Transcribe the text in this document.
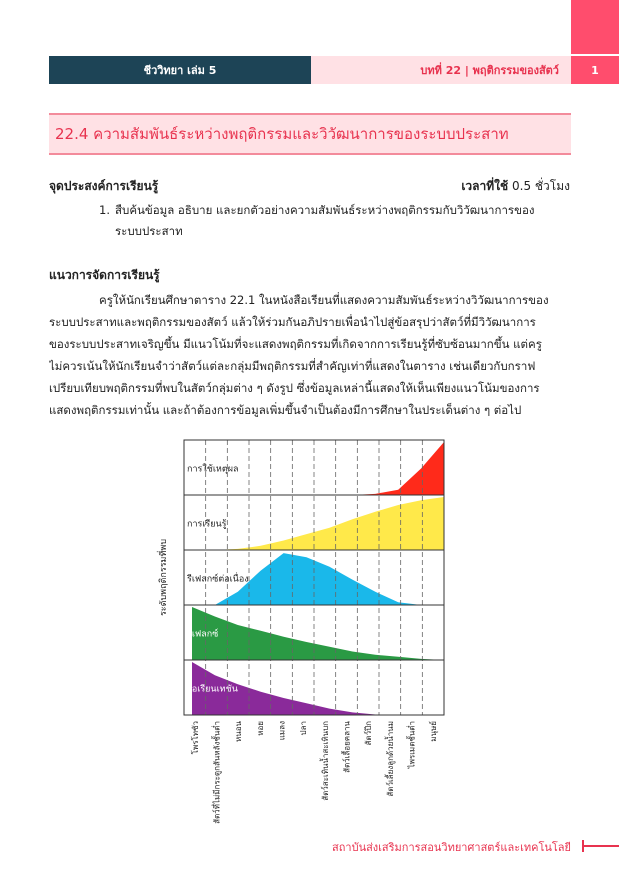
ชีววิทยา เล่ม 5	บทที่ 22 | พฤติกรรมของสัตว์	1
22.4 ความสัมพันธ์ระหว่างพฤติกรรมและวิวัฒนาการของระบบประสาท
จุดประสงค์การเรียนรู้	เวลาที่ใช้ 0.5 ชั่วโมง
1. สืบค้นข้อมูล อธิบาย และยกตัวอย่างความสัมพันธ์ระหว่างพฤติกรรมกับวิวัฒนาการของ
ระบบประสาท
แนวการจัดการเรียนรู้
ครูให้นักเรียนศึกษาตาราง 22.1 ในหนังสือเรียนที่แสดงความสัมพันธ์ระหว่างวิวัฒนาการของ
ระบบประสาทและพฤติกรรมของสัตว์ แล้วให้ร่วมกันอภิปรายเพื่อนำไปสู่ข้อสรุปว่าสัตว์ที่มีวิวัฒนาการ
ของระบบประสาทเจริญขึ้น มีแนวโน้มที่จะแสดงพฤติกรรมที่เกิดจากการเรียนรู้ที่ซับซ้อนมากขึ้น แต่ครู
ไม่ควรเน้นให้นักเรียนจำว่าสัตว์แต่ละกลุ่มมีพฤติกรรมที่สำคัญเท่าที่แสดงในตาราง เช่นเดียวกับกราฟ
เปรียบเทียบพฤติกรรมที่พบในสัตว์กลุ่มต่าง ๆ ดังรูป ซึ่งข้อมูลเหล่านี้แสดงให้เห็นเพียงแนวโน้มของการ
แสดงพฤติกรรมเท่านั้น และถ้าต้องการข้อมูลเพิ่มขึ้นจำเป็นต้องมีการศึกษาในประเด็นต่าง ๆ ต่อไป
การใช้เหตุผล
การเรียนรู้
รีเฟลกซ์ต่อเนื่อง
รีเฟลกซ์
โอเรียนเทชัน
ระดับพฤติกรรมที่พบ
โพรโทซัว สัตว์ที่ไม่มีกระดูกสันหลังชั้นต่ำ หนอน หอย แมลง ปลา สัตว์สะเทินน้ำสะเทินบก สัตว์เลื้อยคลาน สัตว์ปีก สัตว์เลี้ยงลูกด้วยน้ำนม ไพรเมตชั้นต่ำ มนุษย์
สถาบันส่งเสริมการสอนวิทยาศาสตร์และเทคโนโลยี
